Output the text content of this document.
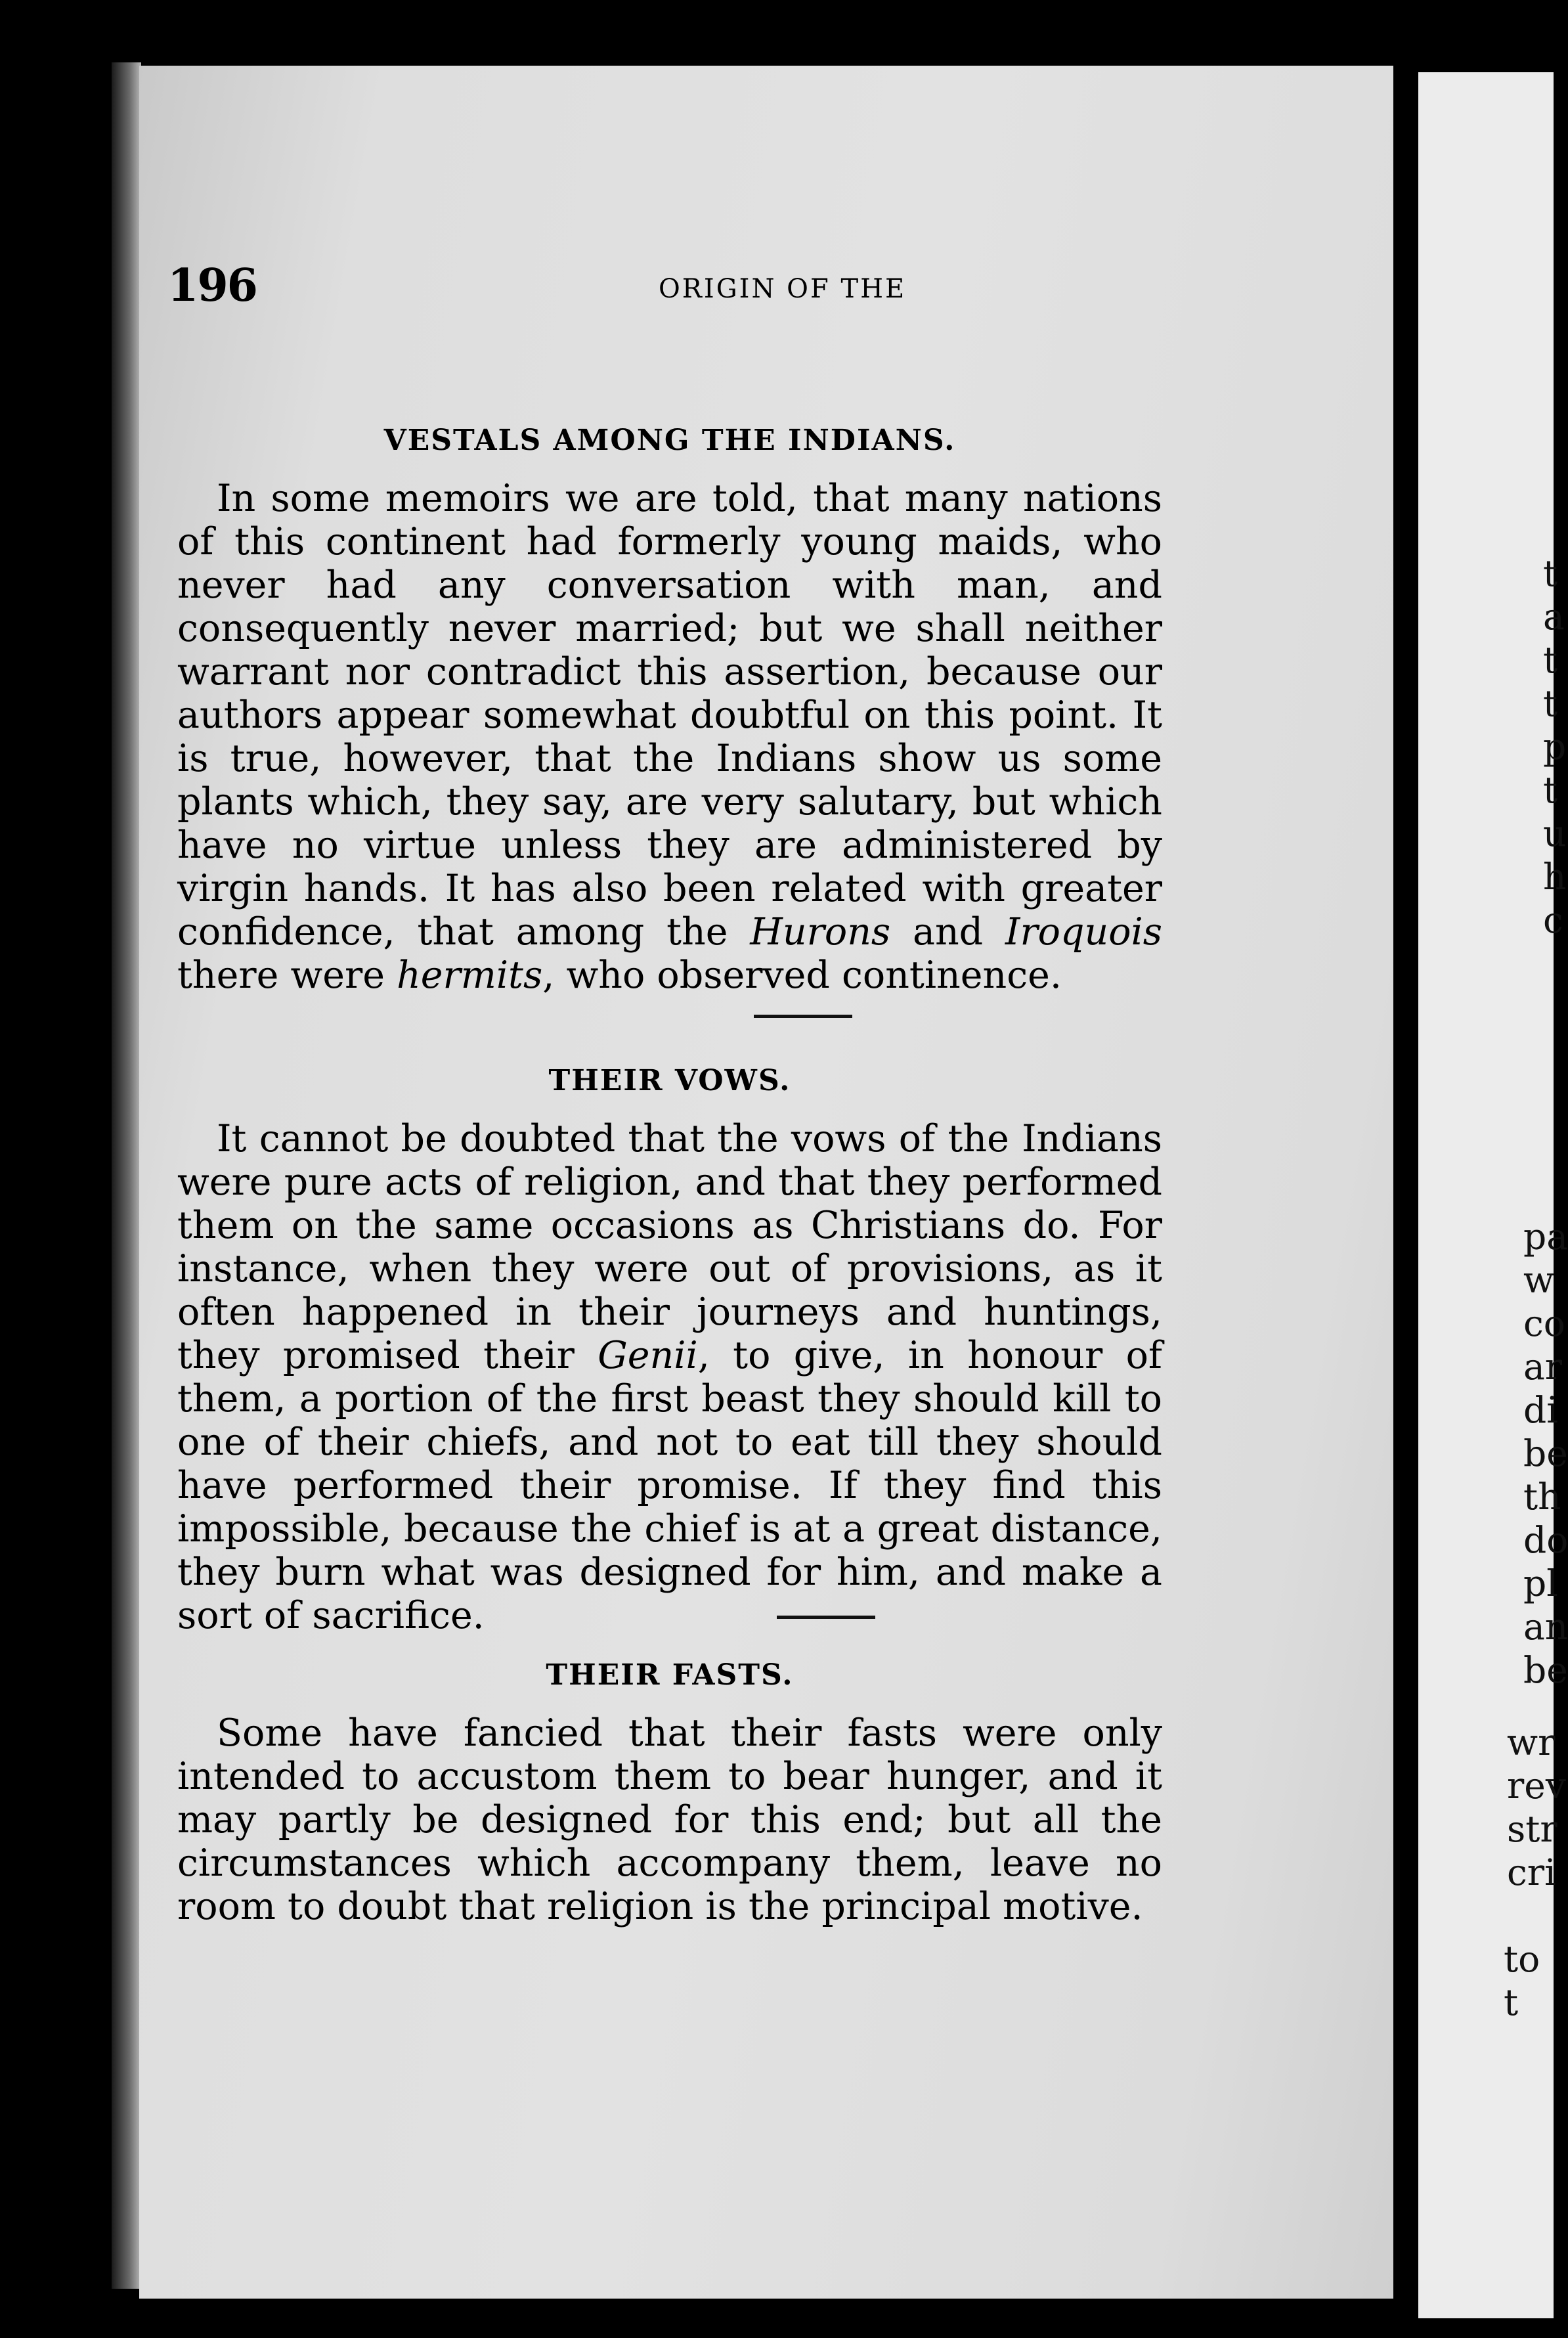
196	ORIGIN OF THE
VESTALS AMONG THE INDIANS.

In some memoirs we are told, that many nations of this continent had formerly young maids, who never had any conversation with man, and consequently never married; but we shall neither warrant nor contradict this assertion, because our authors appear somewhat doubtful on this point. It is true, however, that the Indians show us some plants which, they say, are very salutary, but which have no virtue unless they are administered by virgin hands. It has also been related with greater confidence, that among the Hurons and Iroquois there were hermits, who observed continence.

THEIR VOWS.

It cannot be doubted that the vows of the Indians were pure acts of religion, and that they performed them on the same occasions as Christians do. For instance, when they were out of provisions, as it often happened in their journeys and huntings, they promised their Genii, to give, in honour of them, a portion of the first beast they should kill to one of their chiefs, and not to eat till they should have performed their promise. If they find this impossible, because the chief is at a great distance, they burn what was designed for him, and make a sort of sacrifice.

THEIR FASTS.

Some have fancied that their fasts were only intended to accustom them to bear hunger, and it may partly be designed for this end; but all the circumstances which accompany them, leave no room to doubt that religion is the principal motive.

t
a
t
t
p
t
u
h
c
pa
w
co
ar
di
be
th
do
pl
an
be
wr
rev
str
cri
to t
